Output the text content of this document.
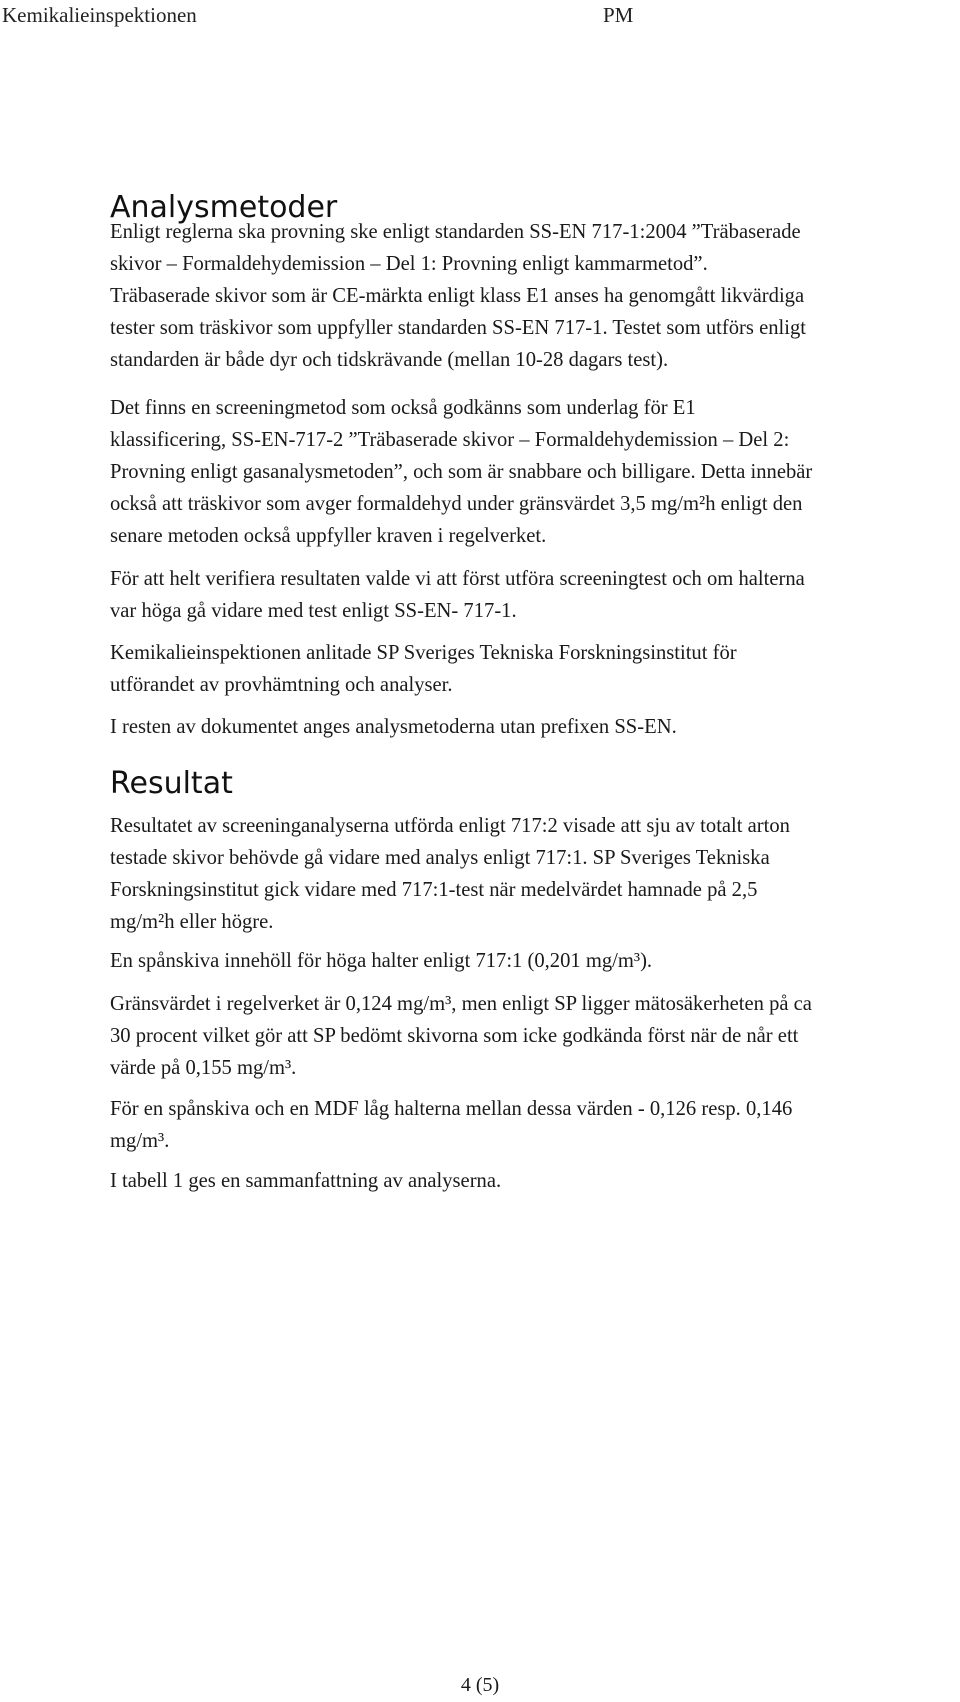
Kemikalieinspektionen	PM
Analysmetoder

Enligt reglerna ska provning ske enligt standarden SS-EN 717-1:2004 ”Träbaserade
skivor – Formaldehydemission – Del 1: Provning enligt kammarmetod”.
Träbaserade skivor som är CE-märkta enligt klass E1 anses ha genomgått likvärdiga
tester som träskivor som uppfyller standarden SS-EN 717-1. Testet som utförs enligt
standarden är både dyr och tidskrävande (mellan 10-28 dagars test).

Det finns en screeningmetod som också godkänns som underlag för E1
klassificering, SS-EN-717-2 ”Träbaserade skivor – Formaldehydemission – Del 2:
Provning enligt gasanalysmetoden”, och som är snabbare och billigare. Detta innebär
också att träskivor som avger formaldehyd under gränsvärdet 3,5 mg/m²h enligt den
senare metoden också uppfyller kraven i regelverket.

För att helt verifiera resultaten valde vi att först utföra screeningtest och om halterna
var höga gå vidare med test enligt SS-EN- 717-1.

Kemikalieinspektionen anlitade SP Sveriges Tekniska Forskningsinstitut för
utförandet av provhämtning och analyser.

I resten av dokumentet anges analysmetoderna utan prefixen SS-EN.

Resultat

Resultatet av screeninganalyserna utförda enligt 717:2 visade att sju av totalt arton
testade skivor behövde gå vidare med analys enligt 717:1. SP Sveriges Tekniska
Forskningsinstitut gick vidare med 717:1-test när medelvärdet hamnade på 2,5
mg/m²h eller högre.

En spånskiva innehöll för höga halter enligt 717:1 (0,201 mg/m³).

Gränsvärdet i regelverket är 0,124 mg/m³, men enligt SP ligger mätosäkerheten på ca
30 procent vilket gör att SP bedömt skivorna som icke godkända först när de når ett
värde på 0,155 mg/m³.

För en spånskiva och en MDF låg halterna mellan dessa värden - 0,126 resp. 0,146
mg/m³.

I tabell 1 ges en sammanfattning av analyserna.

4 (5)
